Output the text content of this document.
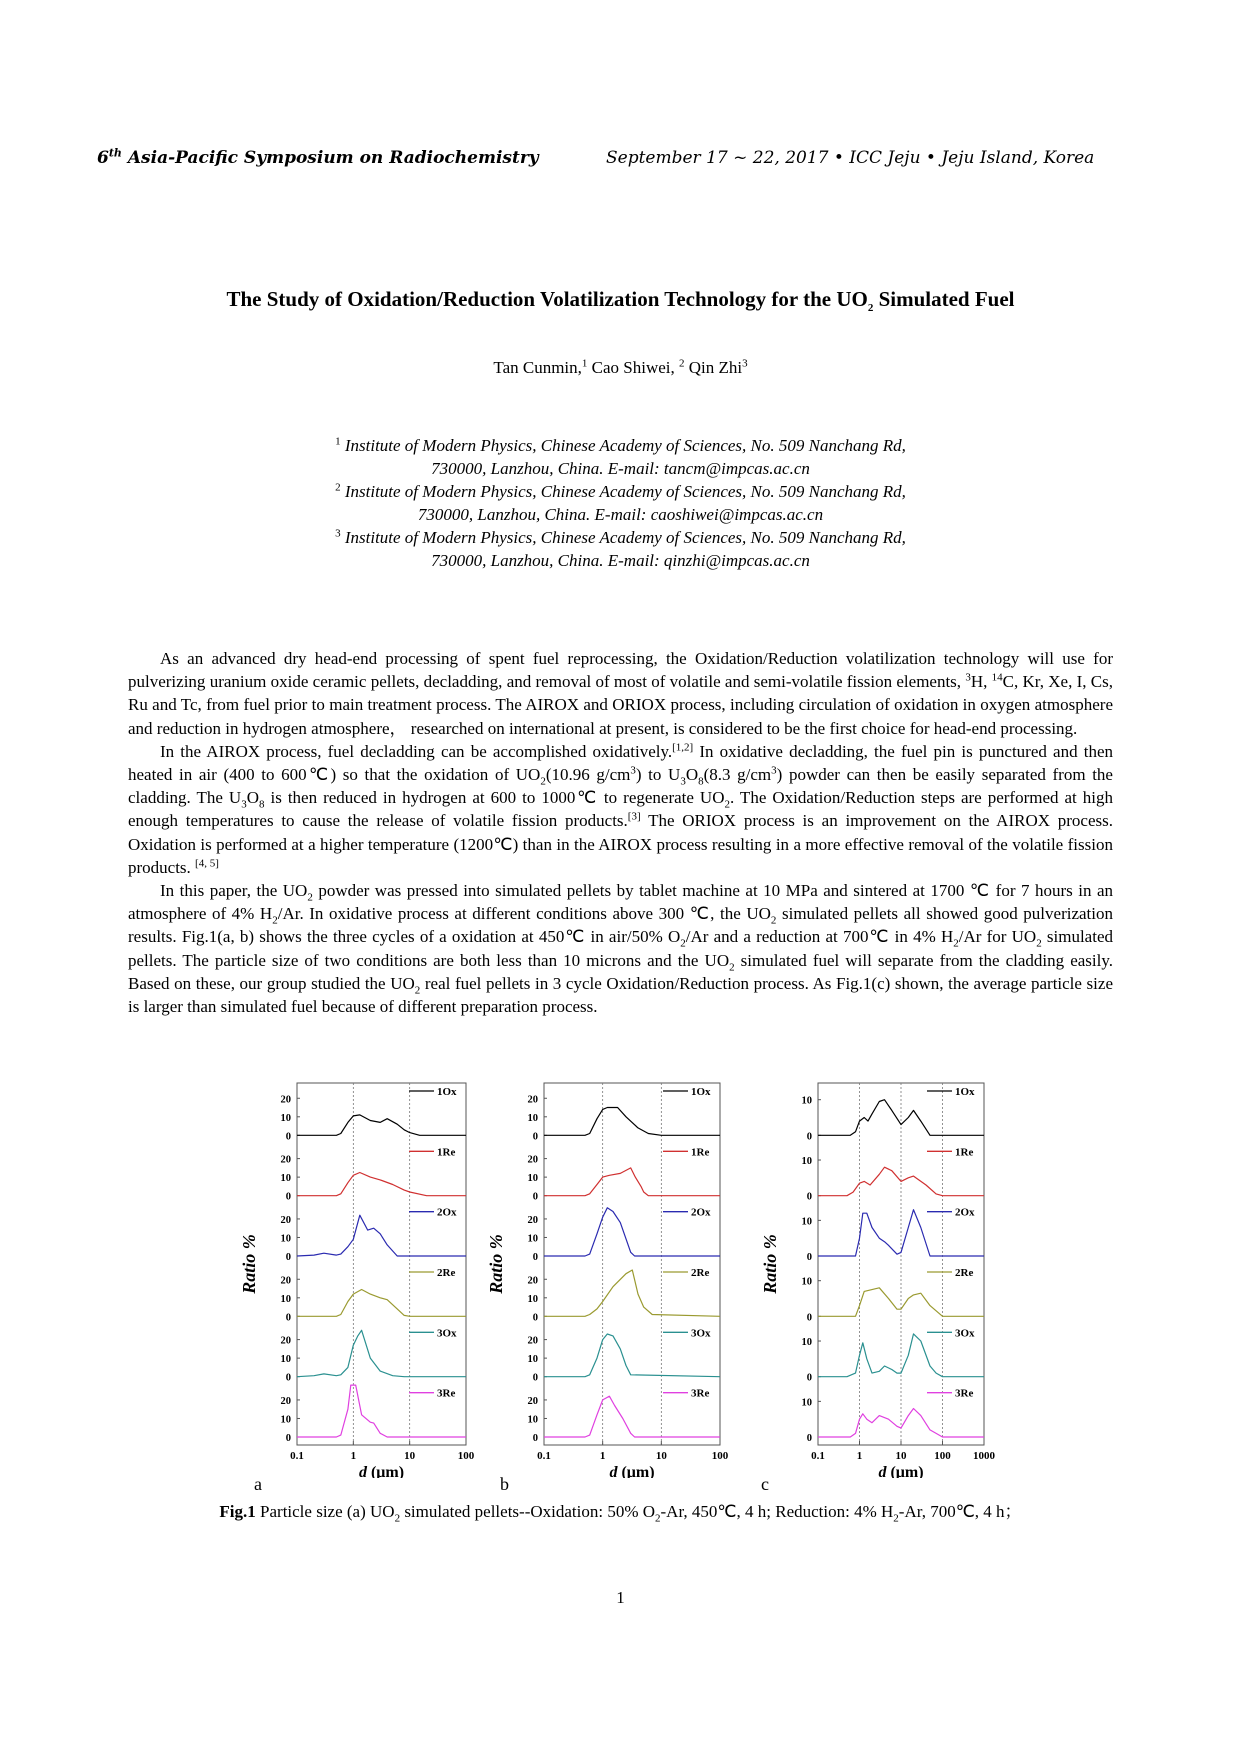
6th Asia-Pacific Symposium on Radiochemistry	September 17 ~ 22, 2017 • ICC Jeju • Jeju Island, Korea
The Study of Oxidation/Reduction Volatilization Technology for the $UO_2$ Simulated Fuel
Tan Cunmin,$^1$ Cao Shiwei, $^2$ Qin Zhi$^3$
$^1$ Institute of Modern Physics, Chinese Academy of Sciences, No. 509 Nanchang Rd,
730000, Lanzhou, China. E-mail: tancm@impcas.ac.cn
$^2$ Institute of Modern Physics, Chinese Academy of Sciences, No. 509 Nanchang Rd,
730000, Lanzhou, China. E-mail: caoshiwei@impcas.ac.cn
$^3$ Institute of Modern Physics, Chinese Academy of Sciences, No. 509 Nanchang Rd,
730000, Lanzhou, China. E-mail: qinzhi@impcas.ac.cn

As an advanced dry head-end processing of spent fuel reprocessing, the Oxidation/Reduction volatilization technology will use for pulverizing uranium oxide ceramic pellets, decladding, and removal of most of volatile and semi-volatile fission elements, $^3$H, $^{14}$C, Kr, Xe, I, Cs, Ru and Tc, from fuel prior to main treatment process. The AIROX and ORIOX process, including circulation of oxidation in oxygen atmosphere and reduction in hydrogen atmosphere， researched on international at present, is considered to be the first choice for head-end processing.

In the AIROX process, fuel decladding can be accomplished oxidatively.[1,2] In oxidative decladding, the fuel pin is punctured and then heated in air (400 to 600℃) so that the oxidation of $UO_2(10.96$ $g/cm^3$) to $U_3O_8(8.3$ $g/cm^3$) powder can then be easily separated from the cladding. The $U_3O_8$ is then reduced in hydrogen at 600 to 1000℃ to regenerate $UO_2$. The Oxidation/Reduction steps are performed at high enough temperatures to cause the release of volatile fission products.[3] The ORIOX process is an improvement on the AIROX process. Oxidation is performed at a higher temperature (1200℃) than in the AIROX process resulting in a more effective removal of the volatile fission products. [4, 5]

In this paper, the $UO_2$ powder was pressed into simulated pellets by tablet machine at 10 MPa and sintered at 1700 ℃ for 7 hours in an atmosphere of 4% $H_2/Ar$. In oxidative process at different conditions above 300 ℃, the $UO_2$ simulated pellets all showed good pulverization results. Fig.1(a, b) shows the three cycles of a oxidation at 450℃ in air/50% $O_2/Ar$ and a reduction at 700℃ in 4% $H_2/Ar$ for $UO_2$ simulated pellets. The particle size of two conditions are both less than 10 microns and the $UO_2$ simulated fuel will separate from the cladding easily. Based on these, our group studied the $UO_2$ real fuel pellets in 3 cycle Oxidation/Reduction process. As Fig.1(c) shown, the average particle size is larger than simulated fuel because of different preparation process.

0.1	1	10	100
d (μm)
Ratio %
0
10
20
1Ox
0
10
20
1Re
0
10
20
2Ox
0
10
20
2Re
0
10
20
3Ox
0
10
20
3Re
0.1	1	10	100
d (μm)
Ratio %
0
10
20
1Ox
0
10
20
1Re
0
10
20
2Ox
0
10
20
2Re
0
10
20
3Ox
0
10
20
3Re
0.1	1	10	100 1000
d (μm)
Ratio %
0
10
1Ox
0
10
1Re
0
10
2Ox
0
10
2Re
0
10
3Ox
0
10
3Re
a	b	c
Fig.1 Particle size (a) $UO_2$ simulated pellets--Oxidation: 50% $O_2-Ar$, 450℃, 4 h; Reduction: 4% $H_2-Ar$, 700℃, 4 h；
1
